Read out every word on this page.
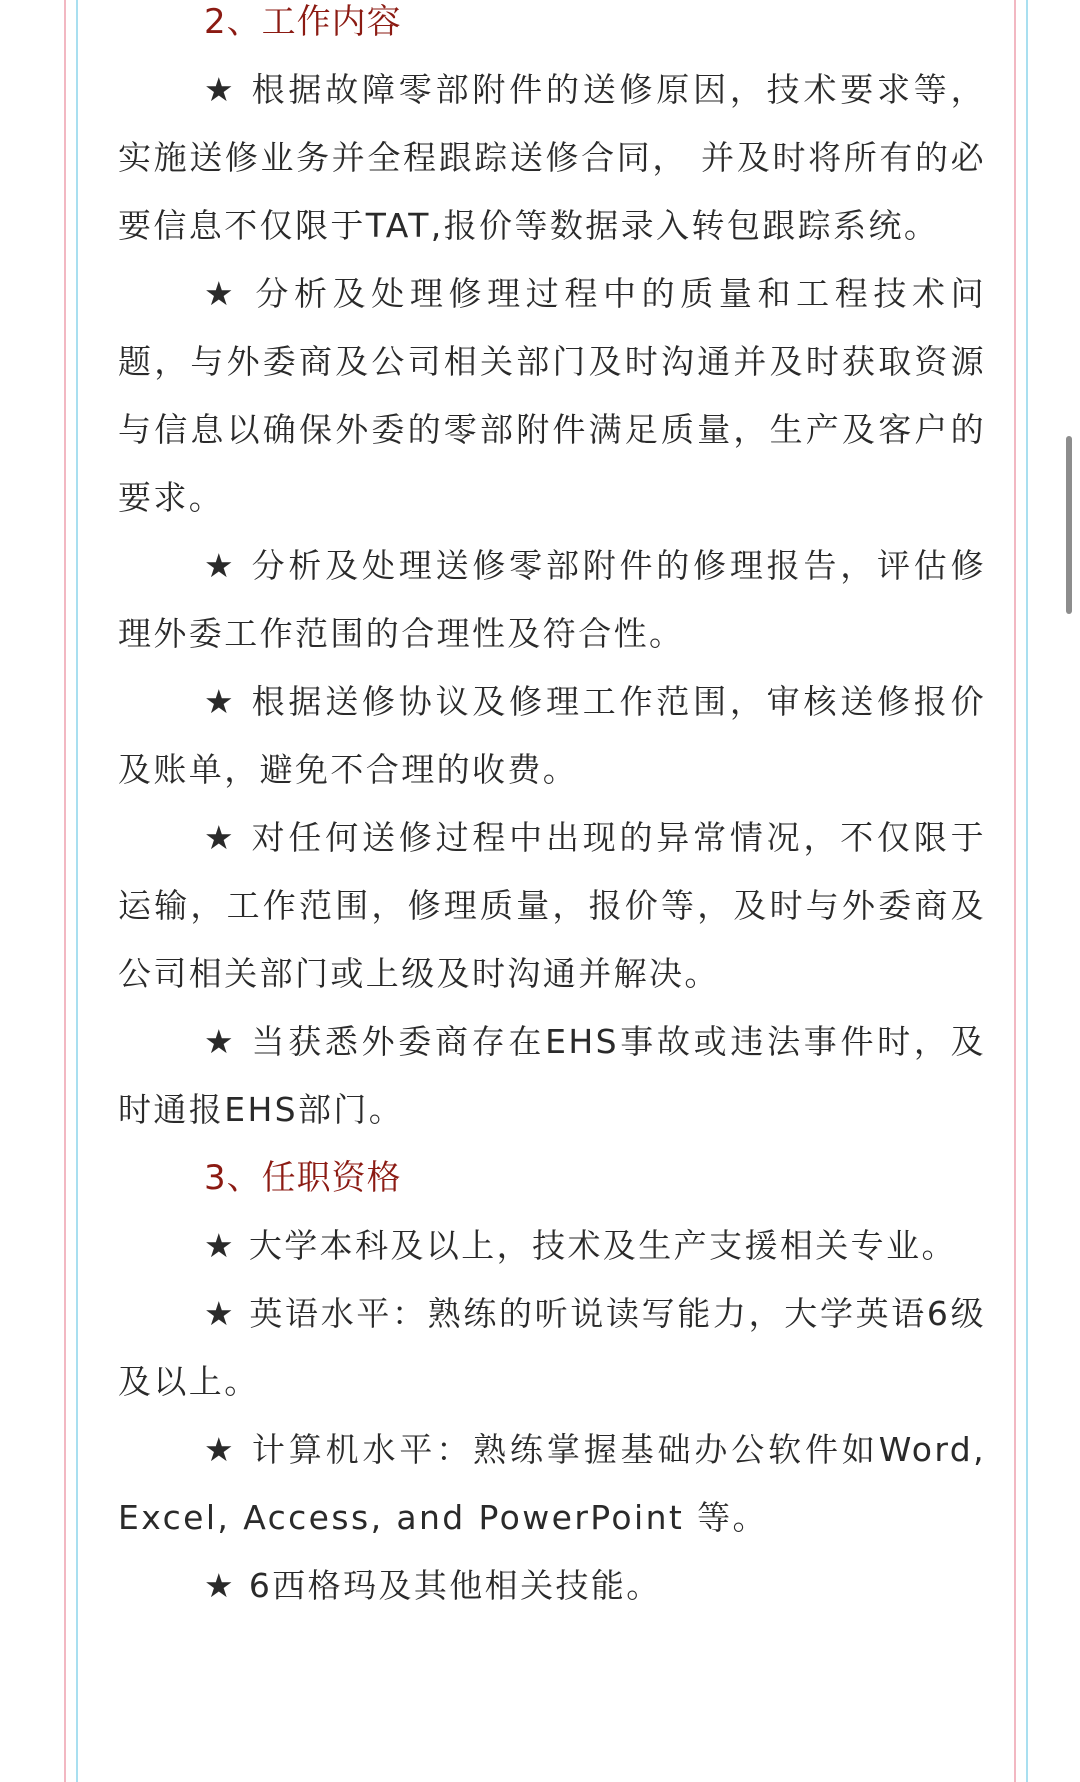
2、工作内容

★ 根据故障零部附件的送修原因，技术要求等，实施送修业务并全程跟踪送修合同， 并及时将所有的必要信息不仅限于TAT,报价等数据录入转包跟踪系统。

★ 分析及处理修理过程中的质量和工程技术问题，与外委商及公司相关部门及时沟通并及时获取资源与信息以确保外委的零部附件满足质量，生产及客户的要求。

★ 分析及处理送修零部附件的修理报告，评估修理外委工作范围的合理性及符合性。

★ 根据送修协议及修理工作范围，审核送修报价及账单，避免不合理的收费。

★ 对任何送修过程中出现的异常情况，不仅限于运输，工作范围，修理质量，报价等，及时与外委商及公司相关部门或上级及时沟通并解决。

★ 当获悉外委商存在EHS事故或违法事件时，及时通报EHS部门。

3、任职资格

★ 大学本科及以上，技术及生产支援相关专业。

★ 英语水平：熟练的听说读写能力，大学英语6级及以上。

★ 计算机水平：熟练掌握基础办公软件如Word, Excel, Access, and PowerPoint 等。

★ 6西格玛及其他相关技能。
